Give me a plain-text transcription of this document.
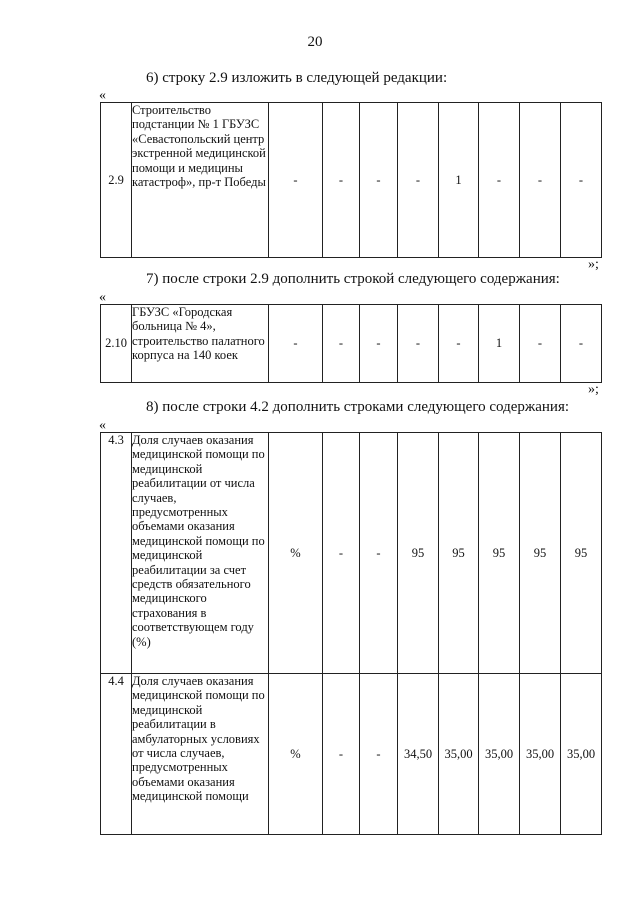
20
6) строку 2.9 изложить в следующей редакции:
«
2.9	Строительство подстанции № 1 ГБУЗС «Севастопольский центр экстренной медицинской помощи и медицины катастроф», пр-т Победы	-	-	-	-	1	-	-	-
»;
7) после строки 2.9 дополнить строкой следующего содержания:
«
2.10	ГБУЗС «Городская больница № 4», строительство палатного корпуса на 140 коек	-	-	-	-	-	1	-	-
»;
8) после строки 4.2 дополнить строками следующего содержания:
«
4.3	Доля случаев оказания медицинской помощи по медицинской реабилитации от числа случаев, предусмотренных объемами оказания медицинской помощи по медицинской реабилитации за счет средств обязательного медицинского страхования в соответствующем году (%)	%	-	-	95	95	95	95	95
4.4	Доля случаев оказания медицинской помощи по медицинской реабилитации в амбулаторных условиях от числа случаев, предусмотренных объемами оказания медицинской помощи	%	-	-	34,50	35,00	35,00	35,00	35,00
